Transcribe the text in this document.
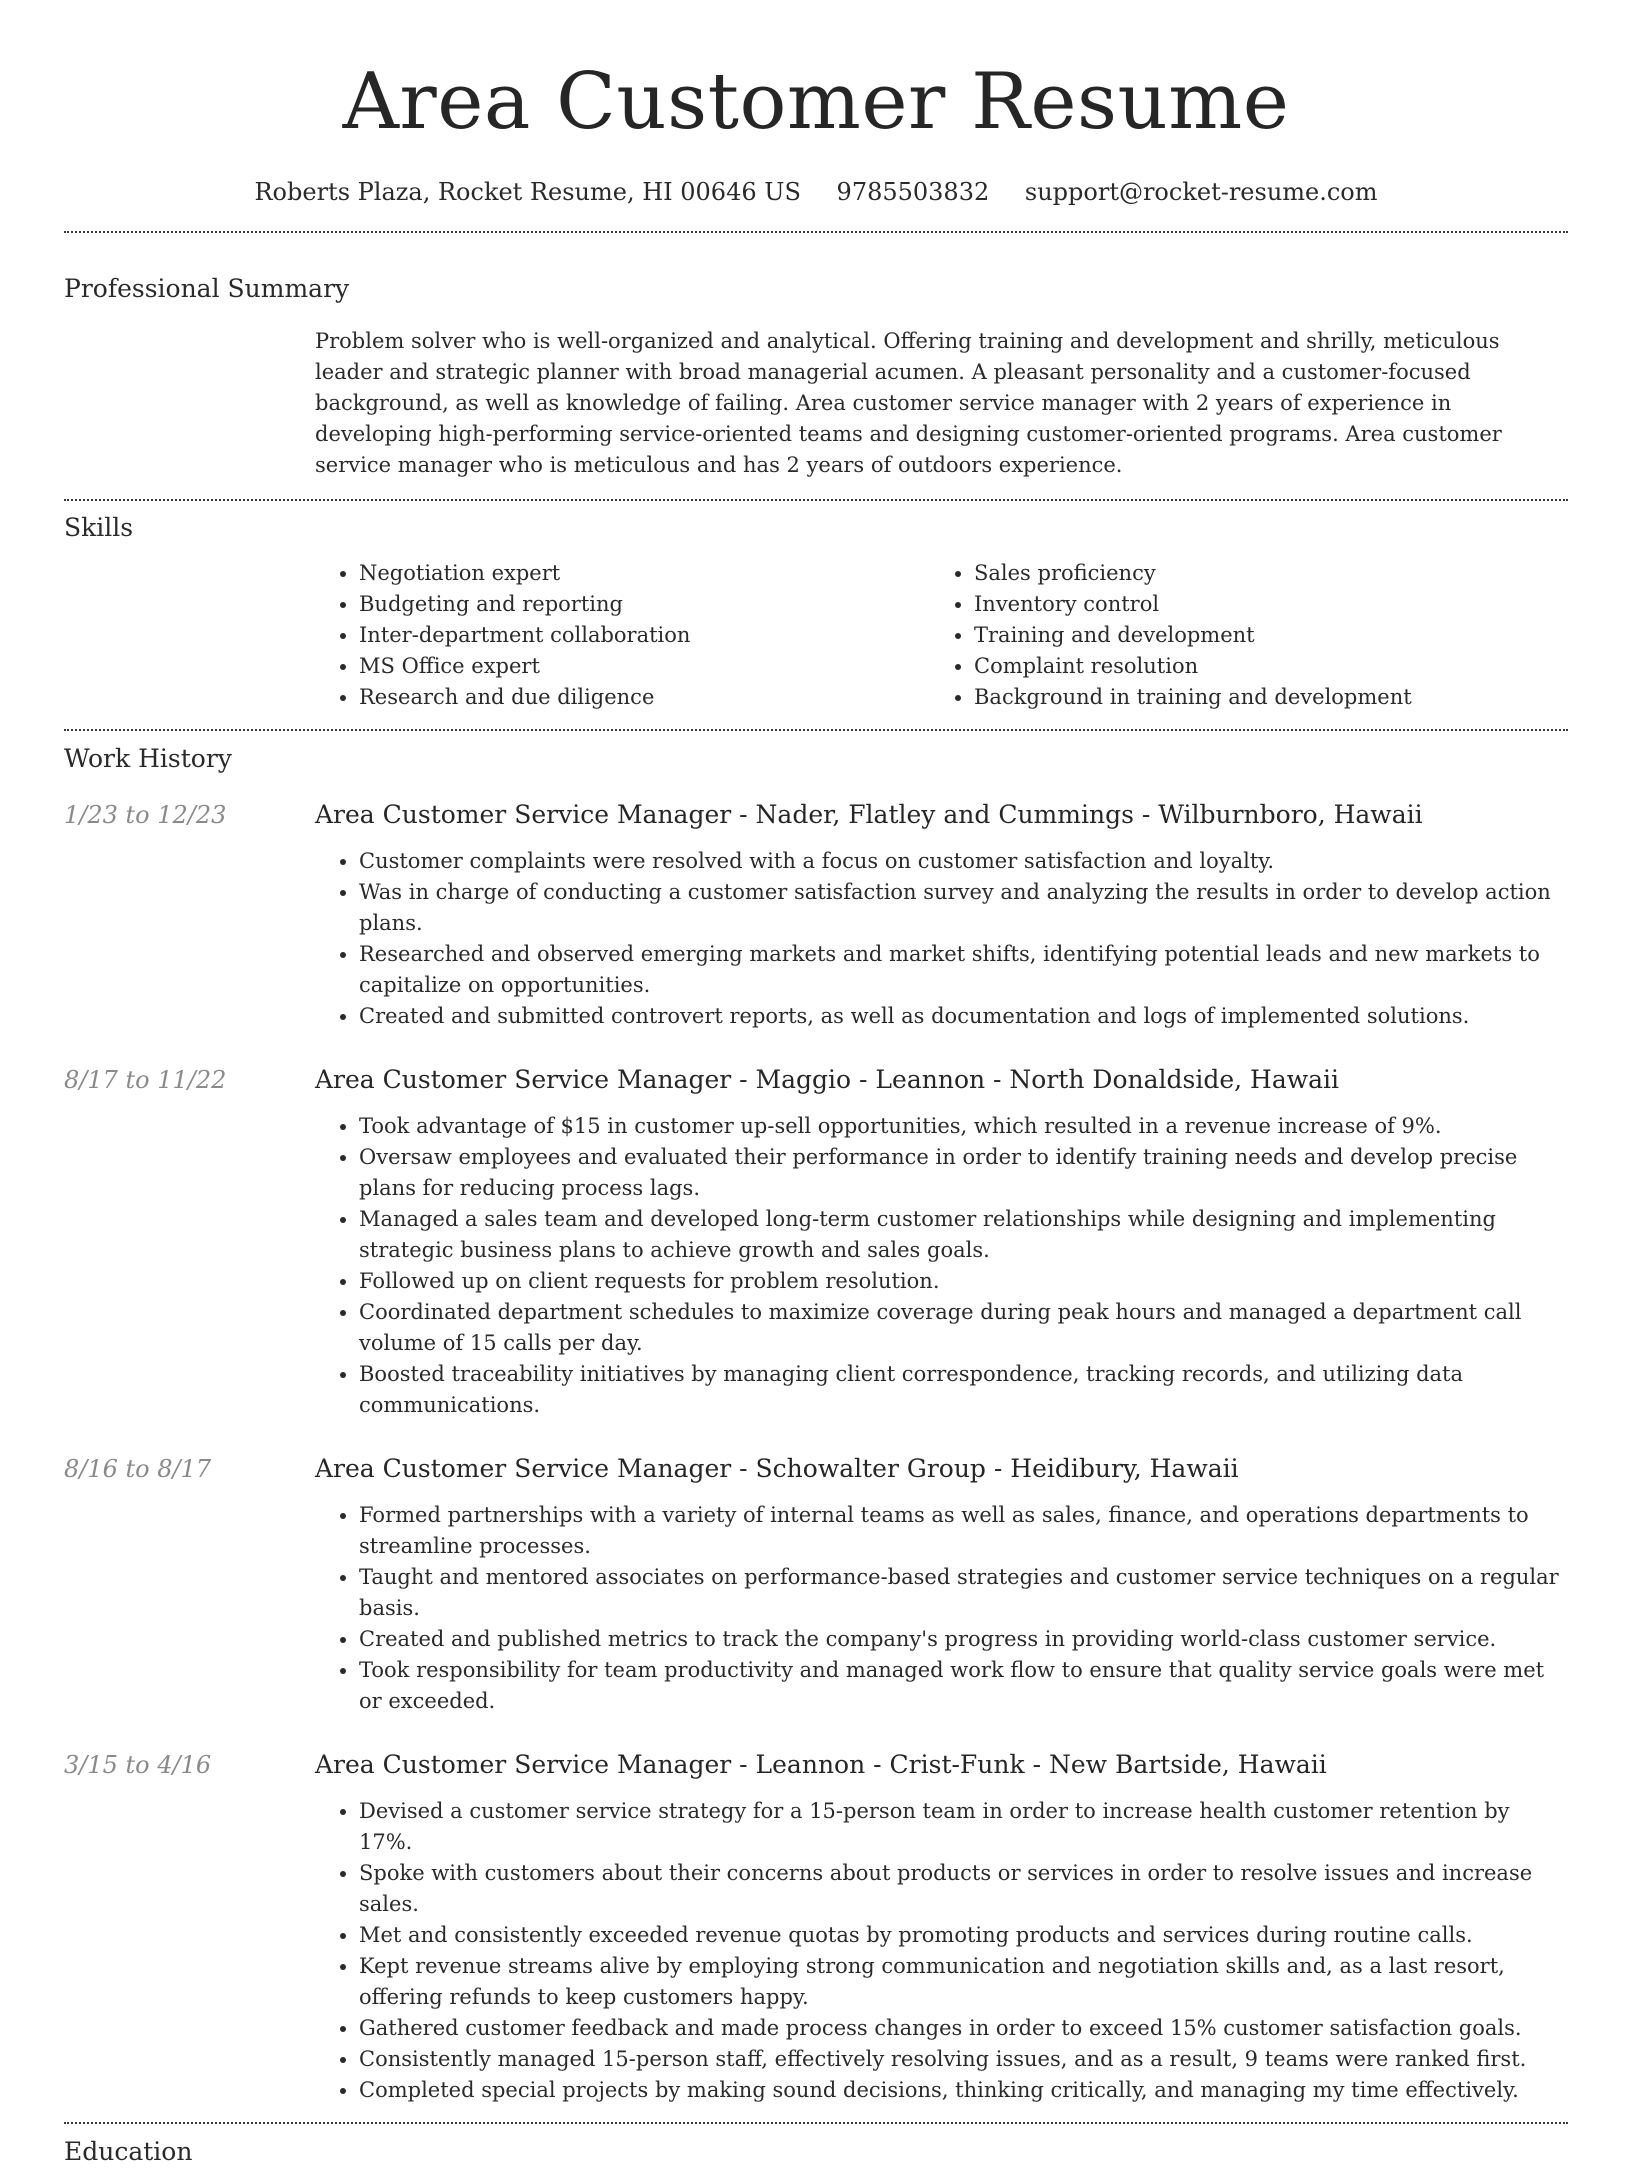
Area Customer Resume
Roberts Plaza, Rocket Resume, HI 00646 US 9785503832 support@rocket-resume.com
Professional Summary

Problem solver who is well-organized and analytical. Offering training and development and shrilly, meticulous leader and strategic planner with broad managerial acumen. A pleasant personality and a customer-focused background, as well as knowledge of failing. Area customer service manager with 2 years of experience in developing high-performing service-oriented teams and designing customer-oriented programs. Area customer service manager who is meticulous and has 2 years of outdoors experience.

Skills
• Negotiation expert
• Budgeting and reporting
• Inter-department collaboration
• MS Office expert
• Research and due diligence
• Sales proficiency
• Inventory control
• Training and development
• Complaint resolution
• Background in training and development
Work History
1/23 to 12/23	Area Customer Service Manager - Nader, Flatley and Cummings - Wilburnboro, Hawaii
• Customer complaints were resolved with a focus on customer satisfaction and loyalty.
• Was in charge of conducting a customer satisfaction survey and analyzing the results in order to develop action plans.
• Researched and observed emerging markets and market shifts, identifying potential leads and new markets to capitalize on opportunities.
• Created and submitted controvert reports, as well as documentation and logs of implemented solutions.
8/17 to 11/22	Area Customer Service Manager - Maggio - Leannon - North Donaldside, Hawaii
• Took advantage of $15 in customer up-sell opportunities, which resulted in a revenue increase of 9%.
• Oversaw employees and evaluated their performance in order to identify training needs and develop precise plans for reducing process lags.
• Managed a sales team and developed long-term customer relationships while designing and implementing strategic business plans to achieve growth and sales goals.
• Followed up on client requests for problem resolution.
• Coordinated department schedules to maximize coverage during peak hours and managed a department call volume of 15 calls per day.
• Boosted traceability initiatives by managing client correspondence, tracking records, and utilizing data communications.
8/16 to 8/17	Area Customer Service Manager - Schowalter Group - Heidibury, Hawaii
• Formed partnerships with a variety of internal teams as well as sales, finance, and operations departments to streamline processes.
• Taught and mentored associates on performance-based strategies and customer service techniques on a regular basis.
• Created and published metrics to track the company's progress in providing world-class customer service.
• Took responsibility for team productivity and managed work flow to ensure that quality service goals were met or exceeded.
3/15 to 4/16	Area Customer Service Manager - Leannon - Crist-Funk - New Bartside, Hawaii
• Devised a customer service strategy for a 15-person team in order to increase health customer retention by 17%.
• Spoke with customers about their concerns about products or services in order to resolve issues and increase sales.
• Met and consistently exceeded revenue quotas by promoting products and services during routine calls.
• Kept revenue streams alive by employing strong communication and negotiation skills and, as a last resort, offering refunds to keep customers happy.
• Gathered customer feedback and made process changes in order to exceed 15% customer satisfaction goals.
• Consistently managed 15-person staff, effectively resolving issues, and as a result, 9 teams were ranked first.
• Completed special projects by making sound decisions, thinking critically, and managing my time effectively.
Education
